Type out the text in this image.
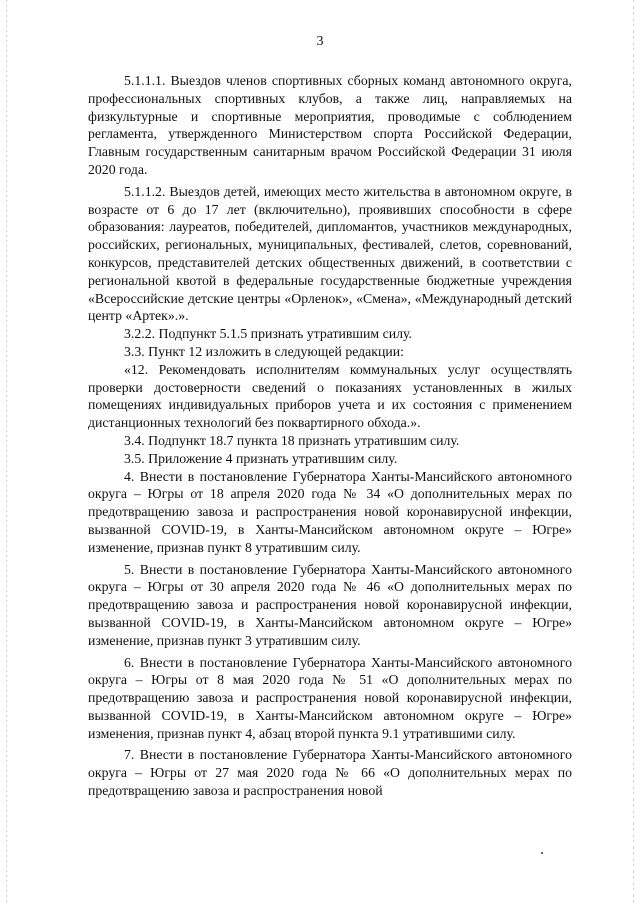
3

5.1.1.1. Выездов членов спортивных сборных команд автономного округа, профессиональных спортивных клубов, а также лиц, направляемых на физкультурные и спортивные мероприятия, проводимые с соблюдением регламента, утвержденного Министерством спорта Российской Федерации, Главным государственным санитарным врачом Российской Федерации 31 июля 2020 года.

5.1.1.2. Выездов детей, имеющих место жительства в автономном округе, в возрасте от 6 до 17 лет (включительно), проявивших способности в сфере образования: лауреатов, победителей, дипломантов, участников международных, российских, региональных, муниципальных, фестивалей, слетов, соревнований, конкурсов, представителей детских общественных движений, в соответствии с региональной квотой в федеральные государственные бюджетные учреждения «Всероссийские детские центры «Орленок», «Смена», «Международный детский центр «Артек».».

3.2.2. Подпункт 5.1.5 признать утратившим силу.

3.3. Пункт 12 изложить в следующей редакции:

«12. Рекомендовать исполнителям коммунальных услуг осуществлять проверки достоверности сведений о показаниях установленных в жилых помещениях индивидуальных приборов учета и их состояния с применением дистанционных технологий без поквартирного обхода.».

3.4. Подпункт 18.7 пункта 18 признать утратившим силу.

3.5. Приложение 4 признать утратившим силу.

4. Внести в постановление Губернатора Ханты-Мансийского автономного округа – Югры от 18 апреля 2020 года № 34 «О дополнительных мерах по предотвращению завоза и распространения новой коронавирусной инфекции, вызванной COVID-19, в Ханты-Мансийском автономном округе – Югре» изменение, признав пункт 8 утратившим силу.

5. Внести в постановление Губернатора Ханты-Мансийского автономного округа – Югры от 30 апреля 2020 года № 46 «О дополнительных мерах по предотвращению завоза и распространения новой коронавирусной инфекции, вызванной COVID-19, в Ханты-Мансийском автономном округе – Югре» изменение, признав пункт 3 утратившим силу.

6. Внести в постановление Губернатора Ханты-Мансийского автономного округа – Югры от 8 мая 2020 года № 51 «О дополнительных мерах по предотвращению завоза и распространения новой коронавирусной инфекции, вызванной COVID-19, в Ханты-Мансийском автономном округе – Югре» изменения, признав пункт 4, абзац второй пункта 9.1 утратившими силу.

7. Внести в постановление Губернатора Ханты-Мансийского автономного округа – Югры от 27 мая 2020 года № 66 «О дополнительных мерах по предотвращению завоза и распространения новой
